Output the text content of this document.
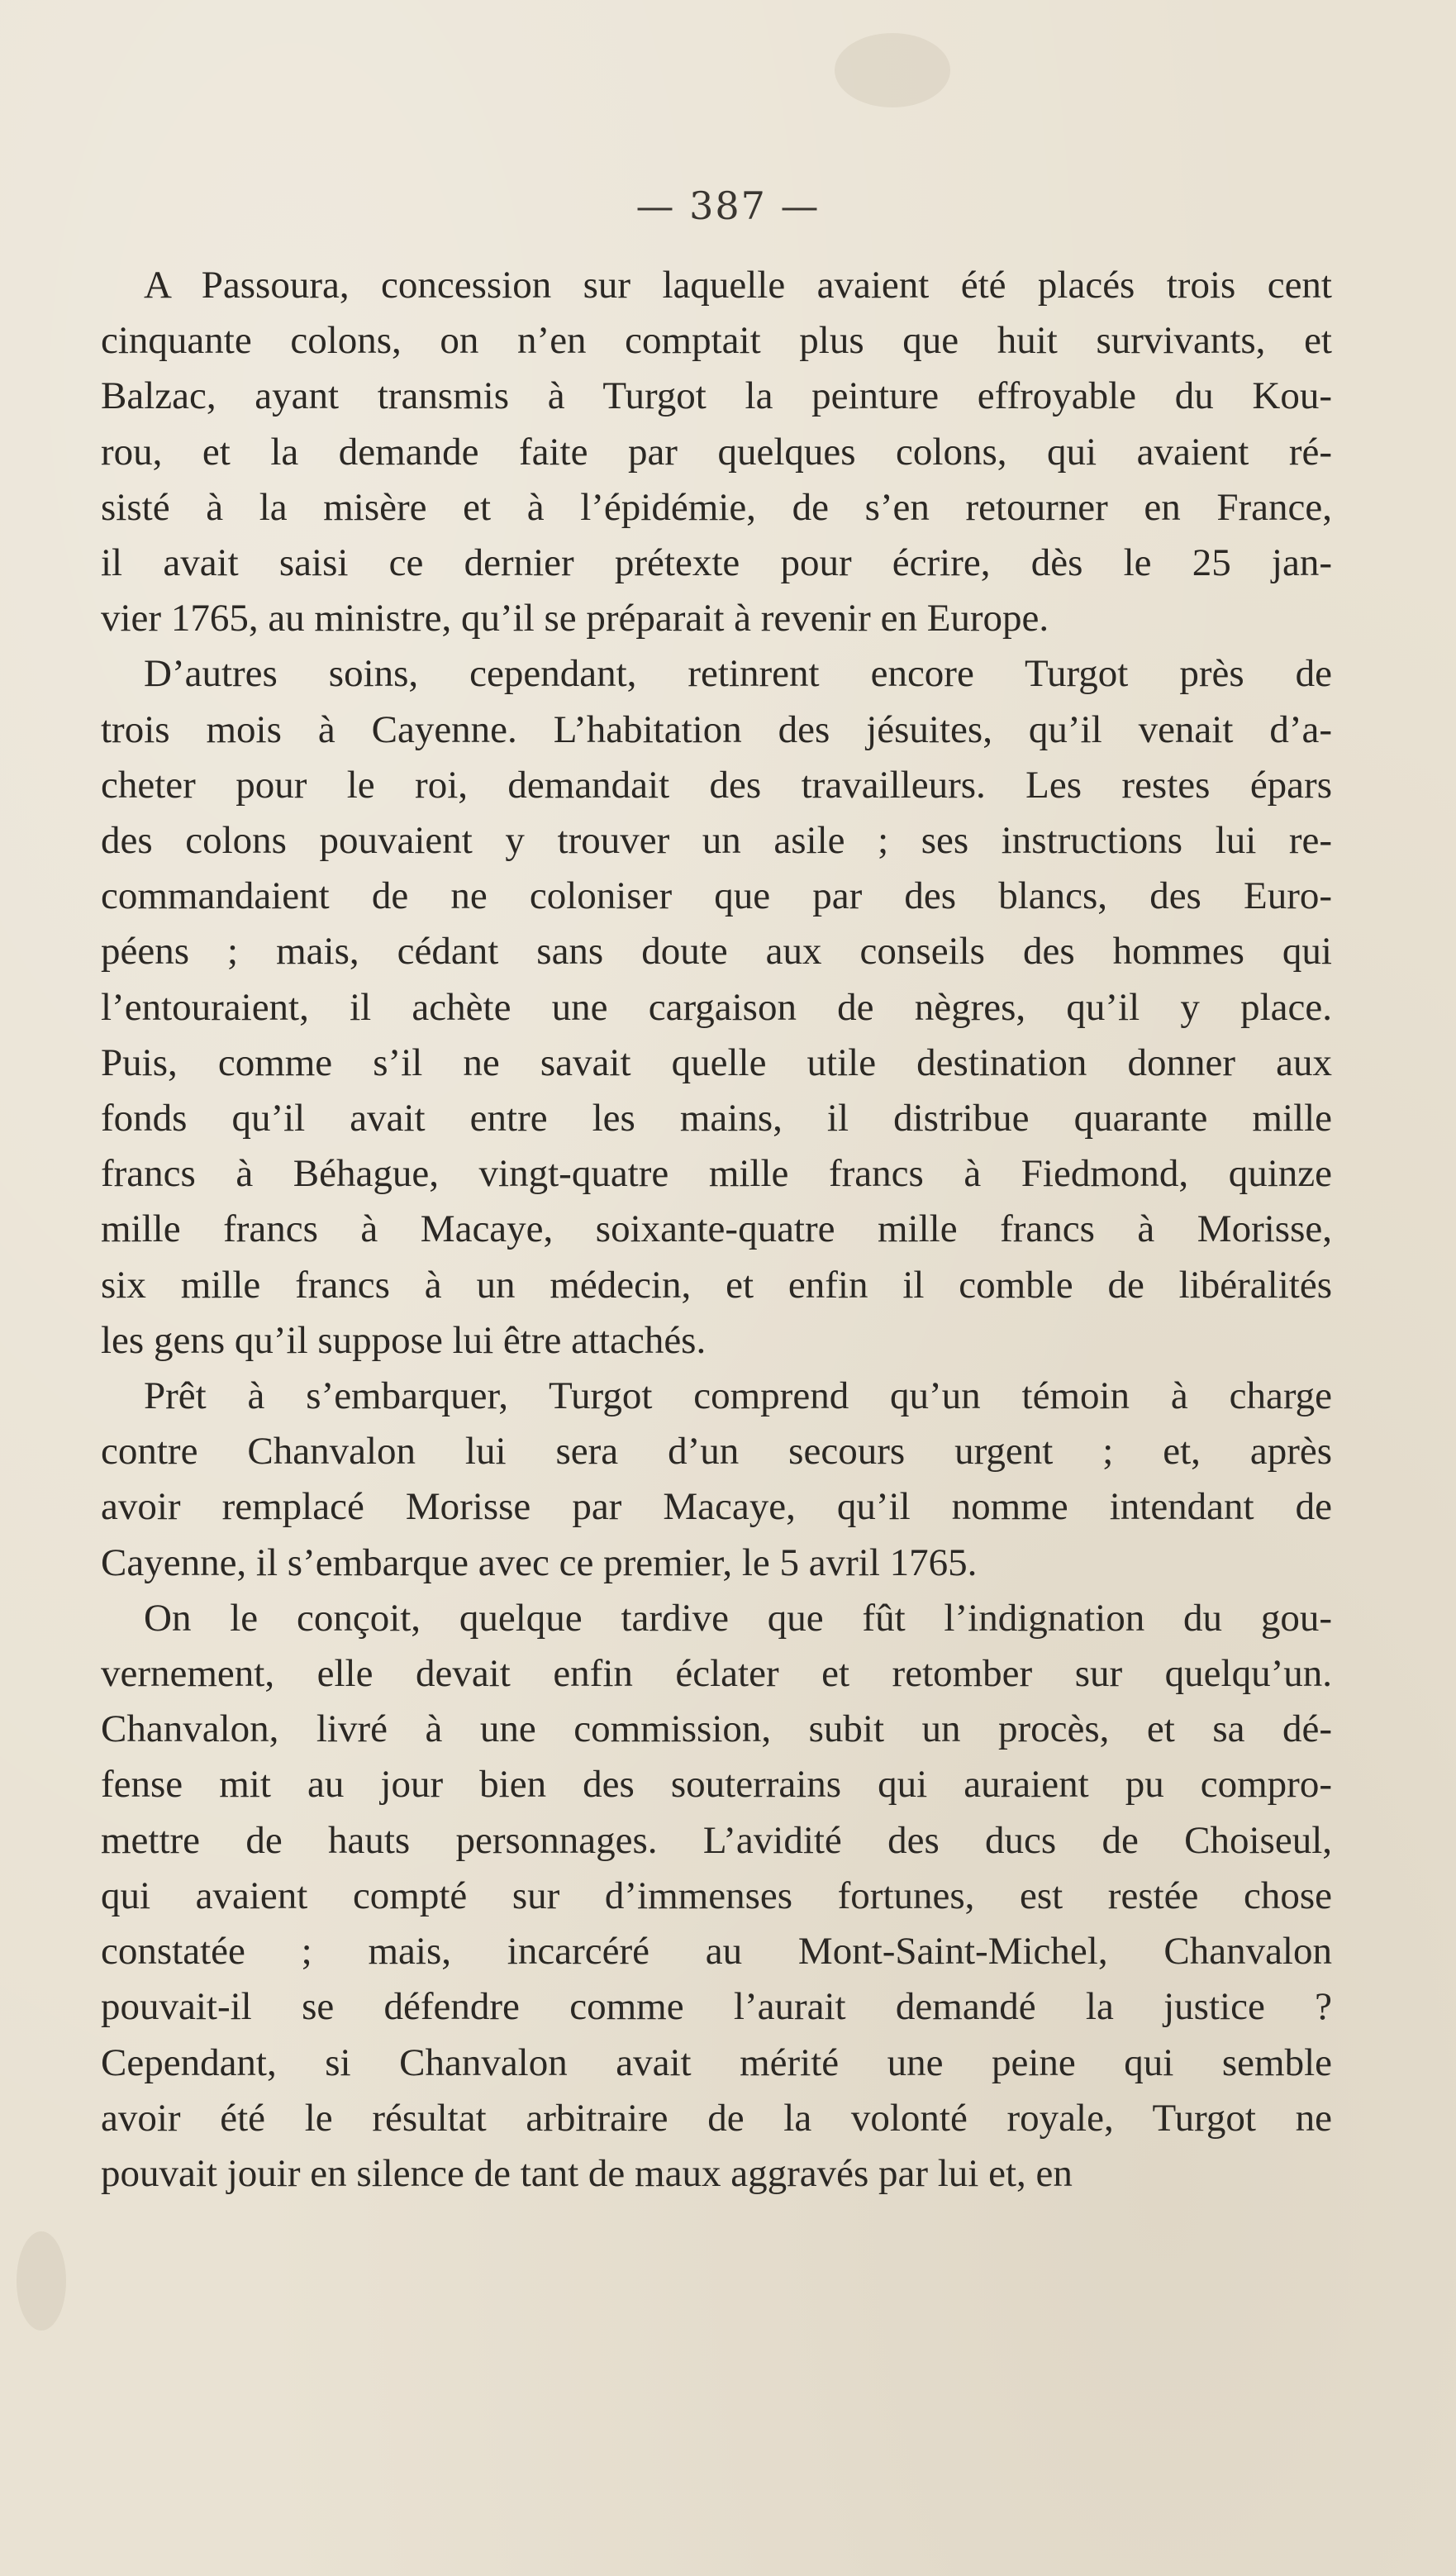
— 387 —

A Passoura, concession sur laquelle avaient été placés trois cent
cinquante colons, on n’en comptait plus que huit survivants, et
Balzac, ayant transmis à Turgot la peinture effroyable du Kou-
rou, et la demande faite par quelques colons, qui avaient ré-
sisté à la misère et à l’épidémie, de s’en retourner en France,
il avait saisi ce dernier prétexte pour écrire, dès le 25 jan-
vier 1765, au ministre, qu’il se préparait à revenir en Europe.

D’autres soins, cependant, retinrent encore Turgot près de
trois mois à Cayenne. L’habitation des jésuites, qu’il venait d’a-
cheter pour le roi, demandait des travailleurs. Les restes épars
des colons pouvaient y trouver un asile ; ses instructions lui re-
commandaient de ne coloniser que par des blancs, des Euro-
péens ; mais, cédant sans doute aux conseils des hommes qui
l’entouraient, il achète une cargaison de nègres, qu’il y place.
Puis, comme s’il ne savait quelle utile destination donner aux
fonds qu’il avait entre les mains, il distribue quarante mille
francs à Béhague, vingt-quatre mille francs à Fiedmond, quinze
mille francs à Macaye, soixante-quatre mille francs à Morisse,
six mille francs à un médecin, et enfin il comble de libéralités
les gens qu’il suppose lui être attachés.

Prêt à s’embarquer, Turgot comprend qu’un témoin à charge
contre Chanvalon lui sera d’un secours urgent ; et, après
avoir remplacé Morisse par Macaye, qu’il nomme intendant de
Cayenne, il s’embarque avec ce premier, le 5 avril 1765.

On le conçoit, quelque tardive que fût l’indignation du gou-
vernement, elle devait enfin éclater et retomber sur quelqu’un.
Chanvalon, livré à une commission, subit un procès, et sa dé-
fense mit au jour bien des souterrains qui auraient pu compro-
mettre de hauts personnages. L’avidité des ducs de Choiseul,
qui avaient compté sur d’immenses fortunes, est restée chose
constatée ; mais, incarcéré au Mont-Saint-Michel, Chanvalon
pouvait-il se défendre comme l’aurait demandé la justice ?
Cependant, si Chanvalon avait mérité une peine qui semble
avoir été le résultat arbitraire de la volonté royale, Turgot ne
pouvait jouir en silence de tant de maux aggravés par lui et, en
